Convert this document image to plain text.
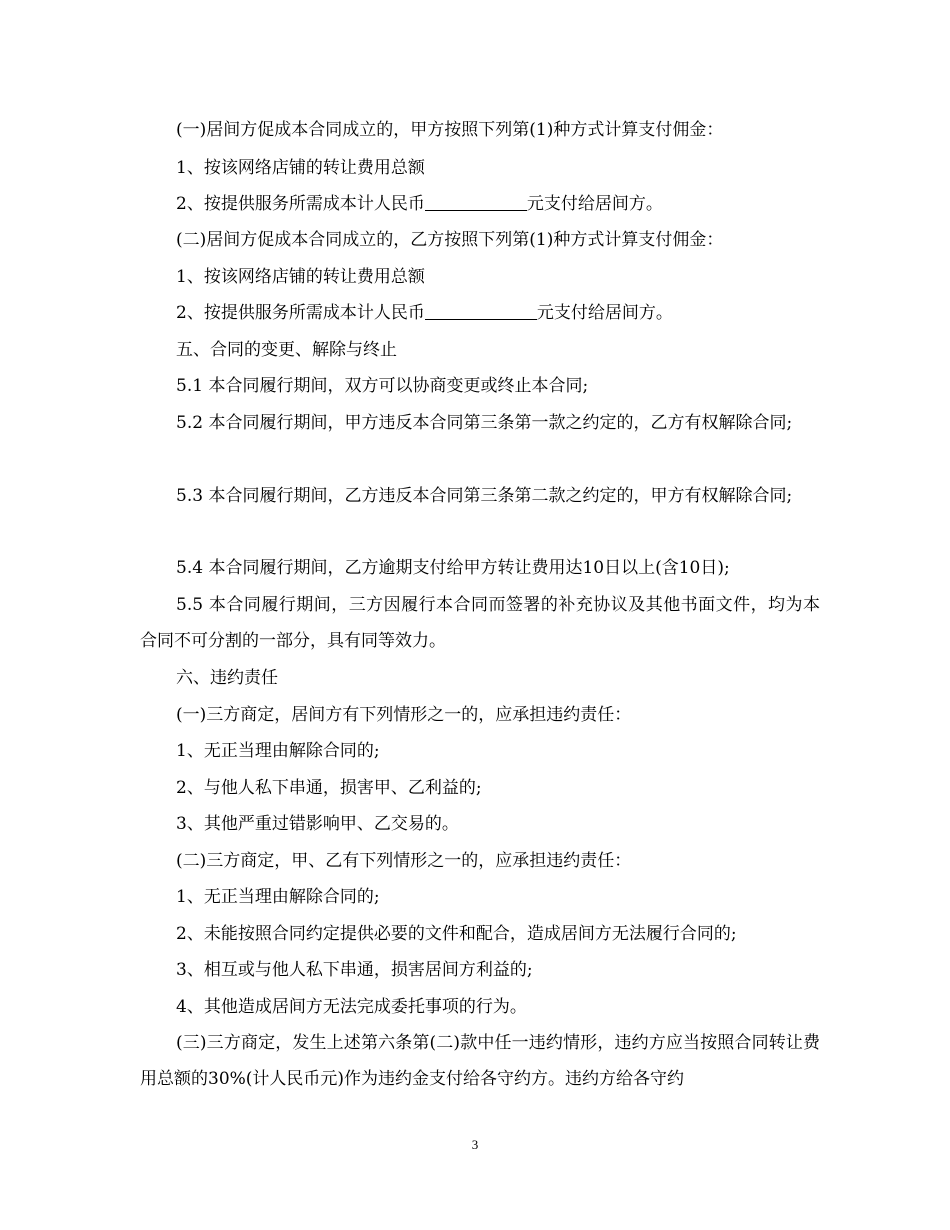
(一)居间方促成本合同成立的，甲方按照下列第(1)种方式计算支付佣金：

1、按该网络店铺的转让费用总额

2、按提供服务所需成本计人民币	元支付给居间方。

(二)居间方促成本合同成立的，乙方按照下列第(1)种方式计算支付佣金：

1、按该网络店铺的转让费用总额

2、按提供服务所需成本计人民币	元支付给居间方。

五、合同的变更、解除与终止

5.1 本合同履行期间，双方可以协商变更或终止本合同;

5.2 本合同履行期间，甲方违反本合同第三条第一款之约定的，乙方有权解除合同;

5.3 本合同履行期间，乙方违反本合同第三条第二款之约定的，甲方有权解除合同;

5.4 本合同履行期间，乙方逾期支付给甲方转让费用达10日以上(含10日);

5.5 本合同履行期间，三方因履行本合同而签署的补充协议及其他书面文件，均为本合同不可分割的一部分，具有同等效力。

六、违约责任

(一)三方商定，居间方有下列情形之一的，应承担违约责任：

1、无正当理由解除合同的;

2、与他人私下串通，损害甲、乙利益的;

3、其他严重过错影响甲、乙交易的。

(二)三方商定，甲、乙有下列情形之一的，应承担违约责任：

1、无正当理由解除合同的;

2、未能按照合同约定提供必要的文件和配合，造成居间方无法履行合同的;

3、相互或与他人私下串通，损害居间方利益的;

4、其他造成居间方无法完成委托事项的行为。

(三)三方商定，发生上述第六条第(二)款中任一违约情形，违约方应当按照合同转让费用总额的30%(计人民币元)作为违约金支付给各守约方。违约方给各守约

3
